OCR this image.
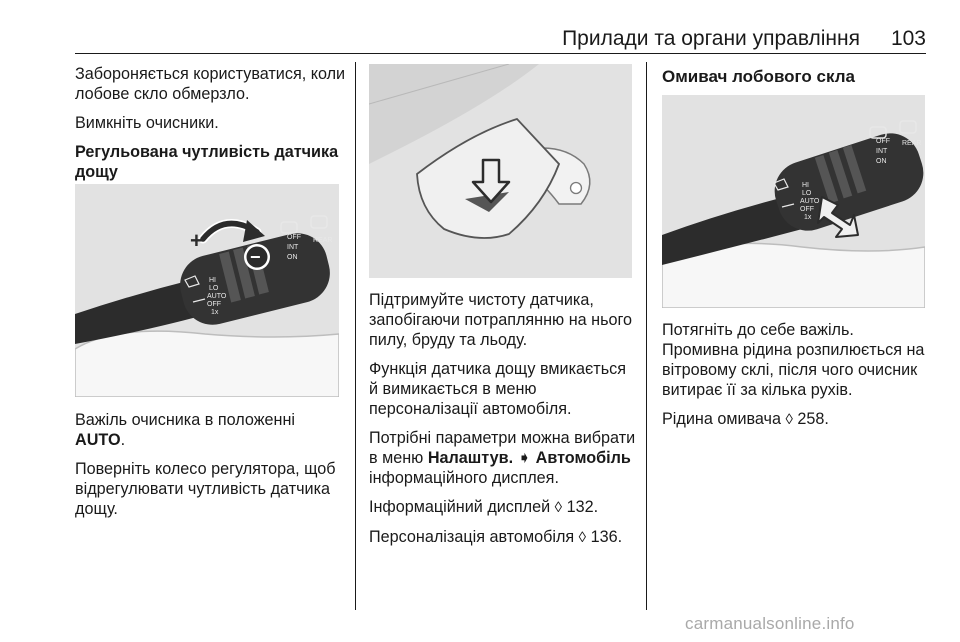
Прилади та органи управління	103

Забороняється користуватися, коли лобове скло обмерзло.

Вимкніть очисники.

Регульована чутливість датчика дощу

+
−
OFF
INT
ON
REAR
HI
LO
AUTO
OFF
1x

Важіль очисника в положенні AUTO.

Поверніть колесо регулятора, щоб відрегулювати чутливість датчика дощу.

Підтримуйте чистоту датчика, запобігаючи потраплянню на нього пилу, бруду та льоду.

Функція датчика дощу вмикається й вимикається в меню персоналізації автомобіля.

Потрібні параметри можна вибрати в меню Налаштув. ➧ Автомобіль інформаційного дисплея.

Інформаційний дисплей ◊ 132.

Персоналізація автомобіля ◊ 136.

Омивач лобового скла

OFF
INT
ON
REAR
HI
LO
AUTO
OFF
1x

Потягніть до себе важіль.

Промивна рідина розпилюється на вітровому склі, після чого очисник витирає її за кілька рухів.

Рідина омивача ◊ 258.

carmanualsonline.info
